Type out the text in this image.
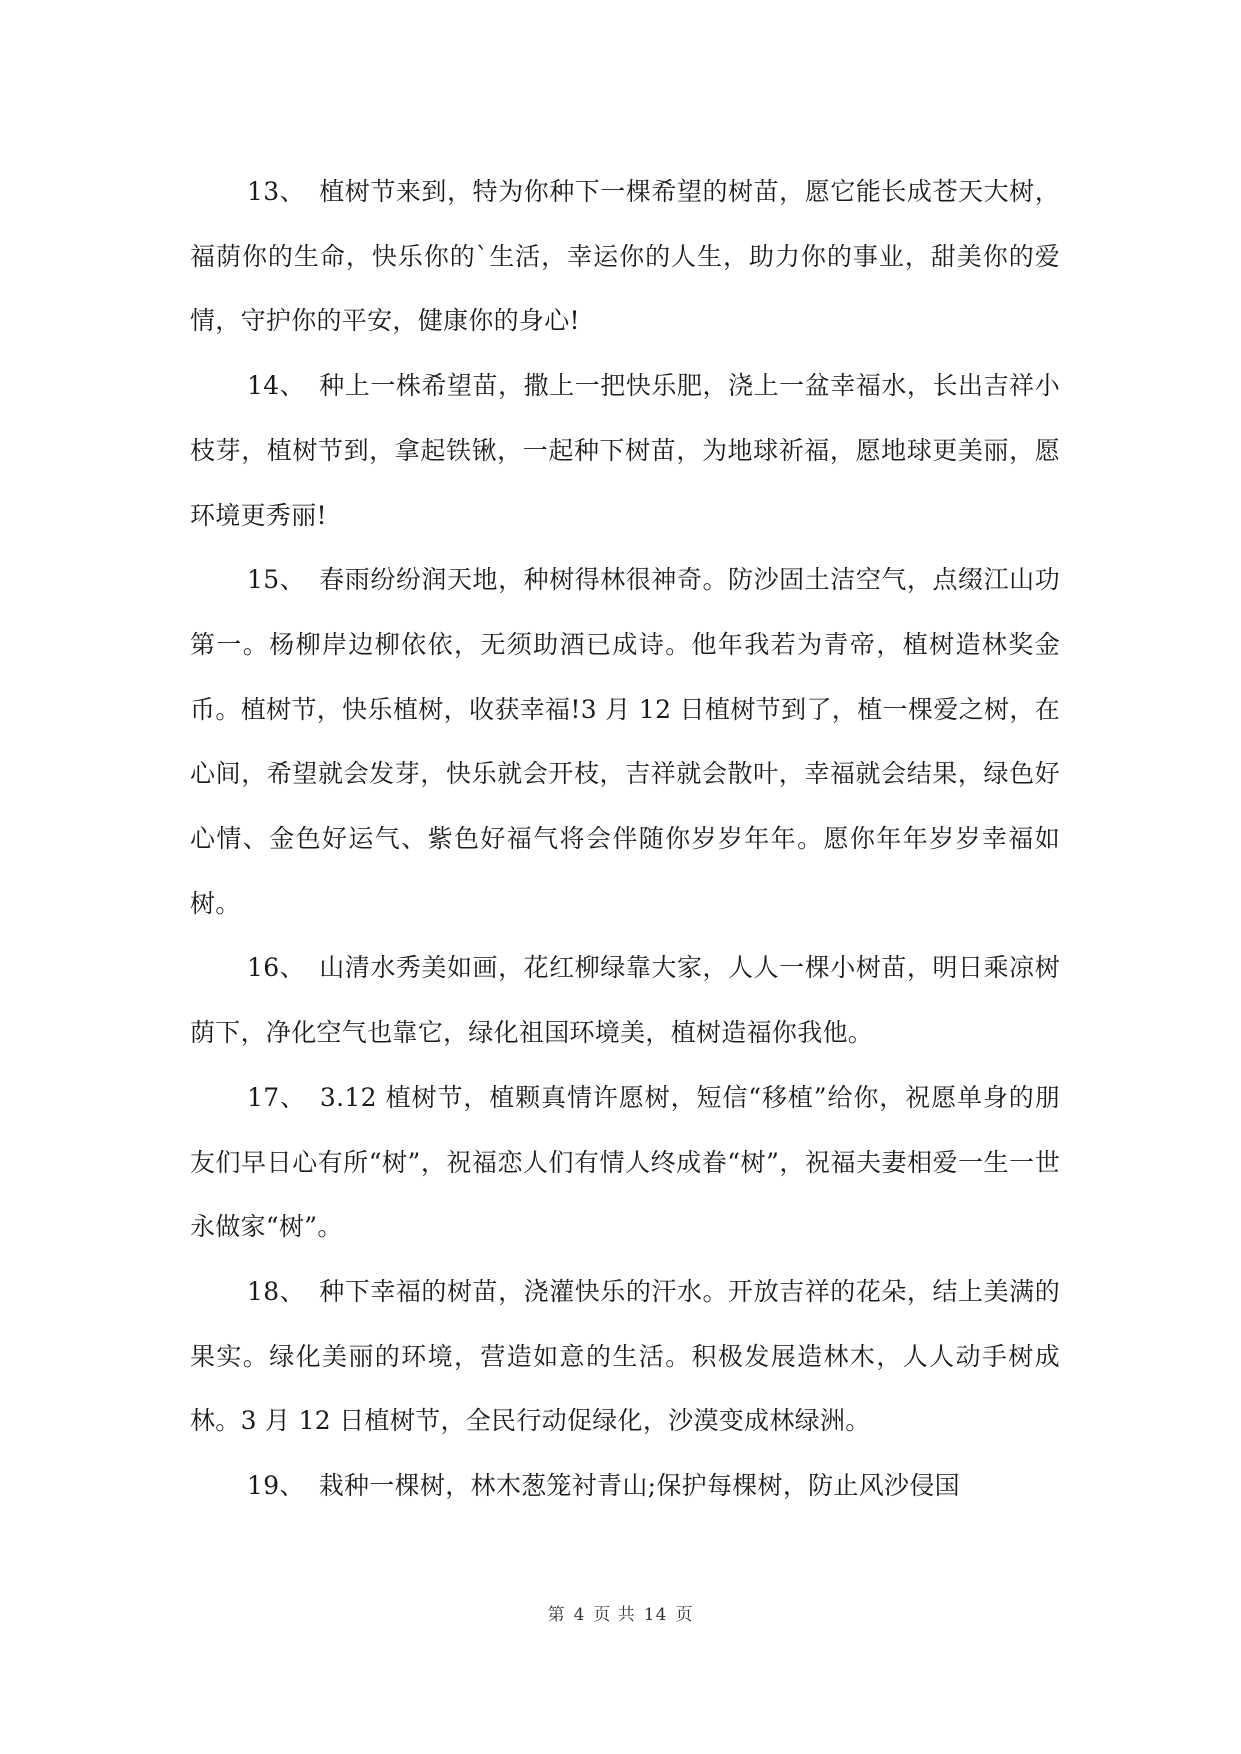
13、 植树节来到，特为你种下一棵希望的树苗，愿它能长成苍天大树，福荫你的生命，快乐你的`生活，幸运你的人生，助力你的事业，甜美你的爱情，守护你的平安，健康你的身心!

14、 种上一株希望苗，撒上一把快乐肥，浇上一盆幸福水，长出吉祥小枝芽，植树节到，拿起铁锹，一起种下树苗，为地球祈福，愿地球更美丽，愿环境更秀丽!

15、 春雨纷纷润天地，种树得林很神奇。防沙固土洁空气，点缀江山功第一。杨柳岸边柳依依，无须助酒已成诗。他年我若为青帝，植树造林奖金币。植树节，快乐植树，收获幸福!3 月 12 日植树节到了，植一棵爱之树，在心间，希望就会发芽，快乐就会开枝，吉祥就会散叶，幸福就会结果，绿色好心情、金色好运气、紫色好福气将会伴随你岁岁年年。愿你年年岁岁幸福如树。

16、 山清水秀美如画，花红柳绿靠大家，人人一棵小树苗，明日乘凉树荫下，净化空气也靠它，绿化祖国环境美，植树造福你我他。

17、 3.12 植树节，植颗真情许愿树，短信“移植”给你，祝愿单身的朋友们早日心有所“树”，祝福恋人们有情人终成眷“树”，祝福夫妻相爱一生一世永做家“树”。

18、 种下幸福的树苗，浇灌快乐的汗水。开放吉祥的花朵，结上美满的果实。绿化美丽的环境，营造如意的生活。积极发展造林木，人人动手树成林。3 月 12 日植树节，全民行动促绿化，沙漠变成林绿洲。

19、 栽种一棵树，林木葱笼衬青山;保护每棵树，防止风沙侵国

第 4 页 共 14 页
